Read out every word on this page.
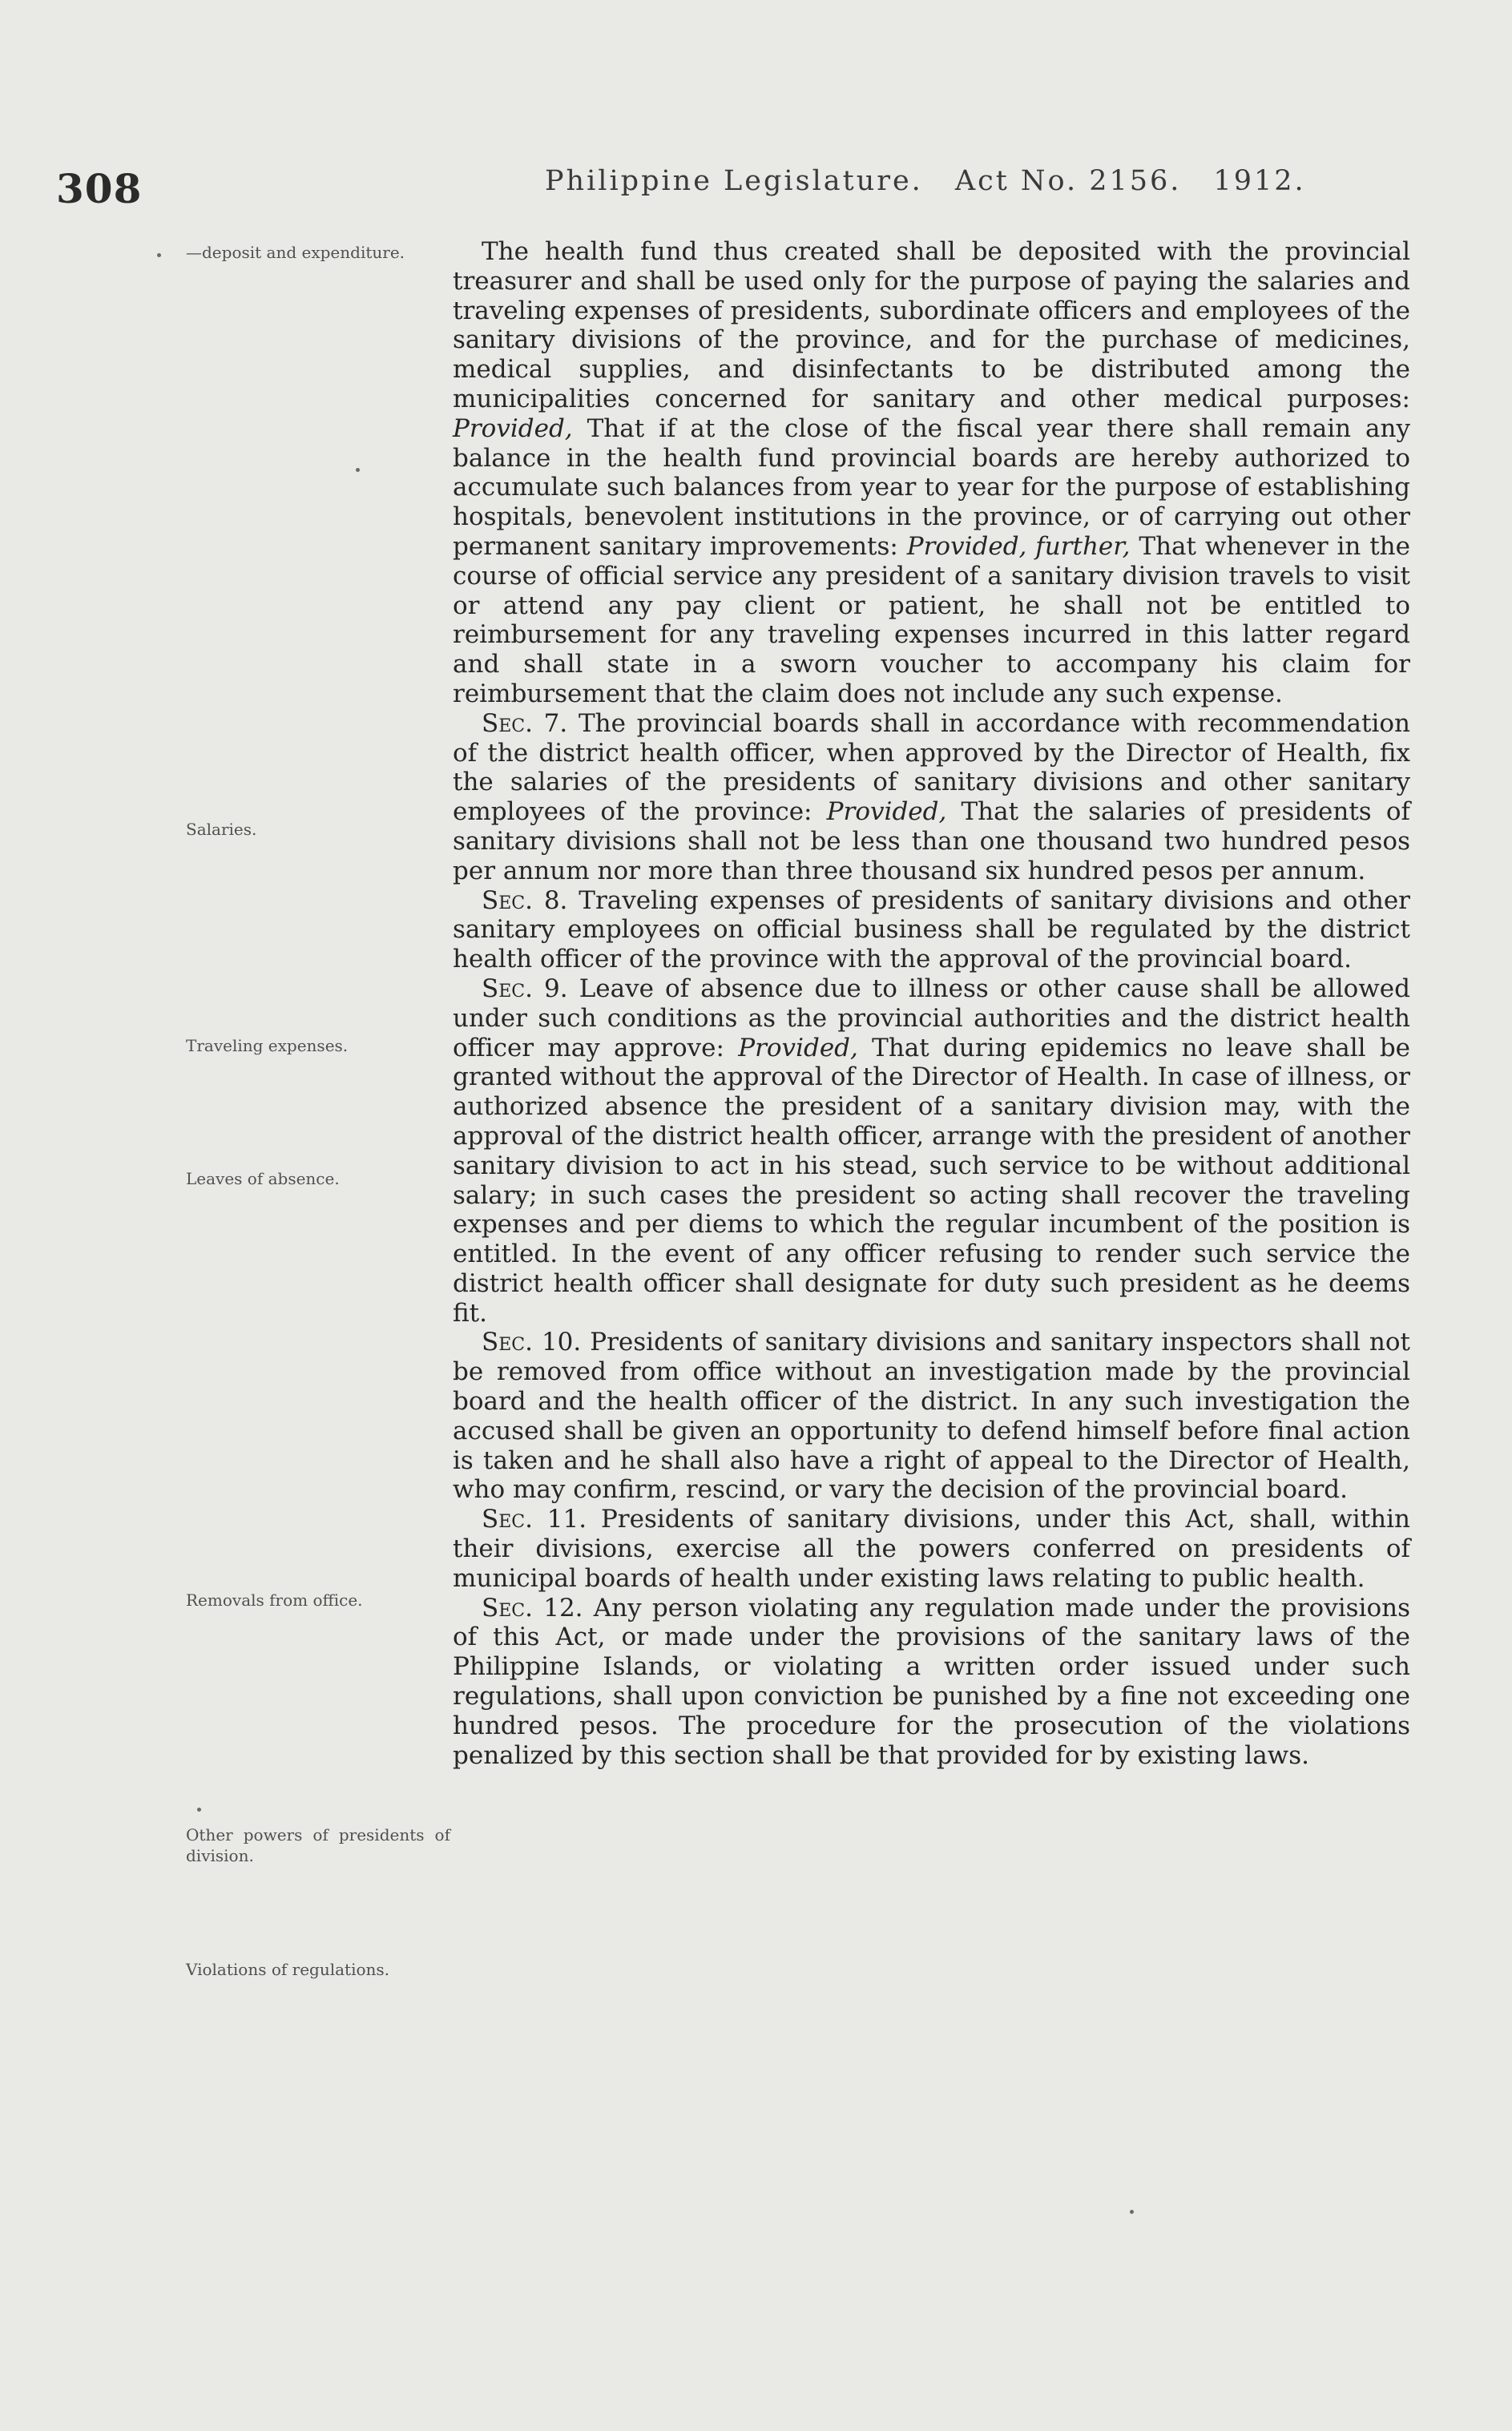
308	Philippine Legislature. Act No. 2156. 1912.
—deposit and expenditure.
Salaries.
Traveling expenses.
Leaves of absence.
Removals from office.
Other powers of presidents of division.
Violations of regulations.

The health fund thus created shall be deposited with the provincial treasurer and shall be used only for the purpose of paying the salaries and traveling expenses of presidents, subordinate officers and employees of the sanitary divisions of the province, and for the purchase of medicines, medical supplies, and disinfectants to be distributed among the municipalities concerned for sanitary and other medical purposes: Provided, That if at the close of the fiscal year there shall remain any balance in the health fund provincial boards are hereby authorized to accumulate such balances from year to year for the purpose of establishing hospitals, benevolent institutions in the province, or of carrying out other permanent sanitary improvements: Provided, further, That whenever in the course of official service any president of a sanitary division travels to visit or attend any pay client or patient, he shall not be entitled to reimbursement for any traveling expenses incurred in this latter regard and shall state in a sworn voucher to accompany his claim for reimbursement that the claim does not include any such expense.

Sec. 7. The provincial boards shall in accordance with recommendation of the district health officer, when approved by the Director of Health, fix the salaries of the presidents of sanitary divisions and other sanitary employees of the province: Provided, That the salaries of presidents of sanitary divisions shall not be less than one thousand two hundred pesos per annum nor more than three thousand six hundred pesos per annum.

Sec. 8. Traveling expenses of presidents of sanitary divisions and other sanitary employees on official business shall be regulated by the district health officer of the province with the approval of the provincial board.

Sec. 9. Leave of absence due to illness or other cause shall be allowed under such conditions as the provincial authorities and the district health officer may approve: Provided, That during epidemics no leave shall be granted without the approval of the Director of Health. In case of illness, or authorized absence the president of a sanitary division may, with the approval of the district health officer, arrange with the president of another sanitary division to act in his stead, such service to be without additional salary; in such cases the president so acting shall recover the traveling expenses and per diems to which the regular incumbent of the position is entitled. In the event of any officer refusing to render such service the district health officer shall designate for duty such president as he deems fit.

Sec. 10. Presidents of sanitary divisions and sanitary inspectors shall not be removed from office without an investigation made by the provincial board and the health officer of the district. In any such investigation the accused shall be given an opportunity to defend himself before final action is taken and he shall also have a right of appeal to the Director of Health, who may confirm, rescind, or vary the decision of the provincial board.

Sec. 11. Presidents of sanitary divisions, under this Act, shall, within their divisions, exercise all the powers conferred on presidents of municipal boards of health under existing laws relating to public health.

Sec. 12. Any person violating any regulation made under the provisions of this Act, or made under the provisions of the sanitary laws of the Philippine Islands, or violating a written order issued under such regulations, shall upon conviction be punished by a fine not exceeding one hundred pesos. The procedure for the prosecution of the violations penalized by this section shall be that provided for by existing laws.
